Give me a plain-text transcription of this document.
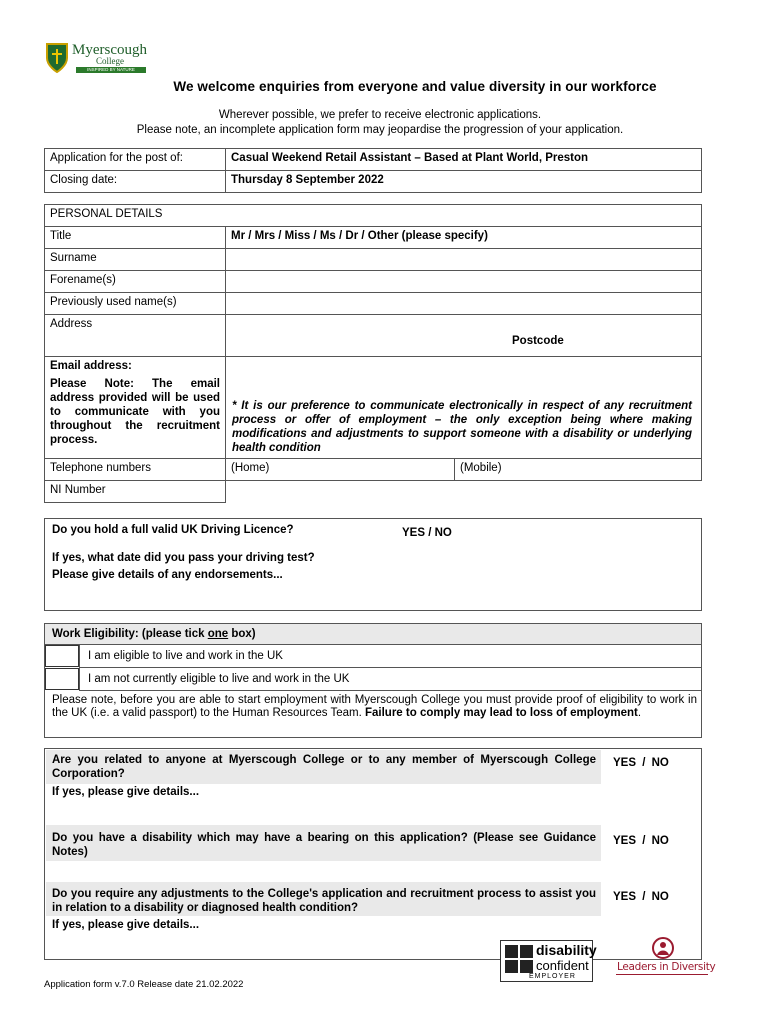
Myerscough
College
INSPIRED BY NATURE
We welcome enquiries from everyone and value diversity in our workforce
Wherever possible, we prefer to receive electronic applications.
Please note, an incomplete application form may jeopardise the progression of your application.
Application for the post of:	Casual Weekend Retail Assistant – Based at Plant World, Preston
Closing date:	Thursday 8 September 2022
PERSONAL DETAILS		
Title	Mr / Mrs / Miss / Ms / Dr / Other (please specify)	
Surname		
Forename(s)		
Previously used name(s)		
Address	Postcode	

Email address:
Please Note: The email address provided will be used to communicate with you throughout the recruitment process.	* It is our preference to communicate electronically in respect of any recruitment process or offer of employment – the only exception being where making modifications and adjustments to support someone with a disability or underlying health condition	

Telephone numbers	(Home)	(Mobile)
NI Number		
Do you hold a full valid UK Driving Licence?	YES / NO
If yes, what date did you pass your driving test?
Please give details of any endorsements...
Work Eligibility: (please tick one box)
I am eligible to live and work in the UK
I am not currently eligible to live and work in the UK
Please note, before you are able to start employment with Myerscough College you must provide proof of eligibility to work in the UK (i.e. a valid passport) to the Human Resources Team. Failure to comply may lead to loss of employment.
Are you related to anyone at Myerscough College or to any member of Myerscough College Corporation?
YES / NO
If yes, please give details...
Do you have a disability which may have a bearing on this application? (Please see Guidance Notes)
YES / NO
Do you require any adjustments to the College's application and recruitment process to assist you in relation to a disability or diagnosed health condition?
YES / NO
If yes, please give details...
disability
confident
EMPLOYER
Leaders in Diversity
Application form v.7.0 Release date 21.02.2022
